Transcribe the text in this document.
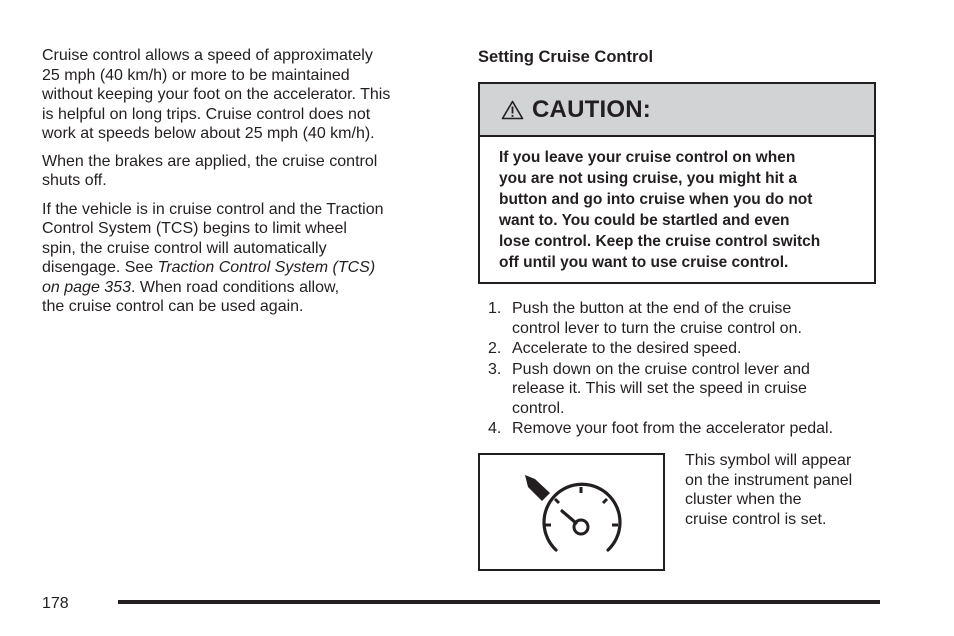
Cruise control allows a speed of approximately
25 mph (40 km/h) or more to be maintained
without keeping your foot on the accelerator. This
is helpful on long trips. Cruise control does not
work at speeds below about 25 mph (40 km/h).

When the brakes are applied, the cruise control
shuts off.

If the vehicle is in cruise control and the Traction
Control System (TCS) begins to limit wheel
spin, the cruise control will automatically
disengage. See Traction Control System (TCS)
on page 353. When road conditions allow,
the cruise control can be used again.

Setting Cruise Control
CAUTION:
If you leave your cruise control on when
you are not using cruise, you might hit a
button and go into cruise when you do not
want to. You could be startled and even
lose control. Keep the cruise control switch
off until you want to use cruise control.
1. Push the button at the end of the cruise
control lever to turn the cruise control on.
2. Accelerate to the desired speed.
3. Push down on the cruise control lever and
release it. This will set the speed in cruise
control.
4. Remove your foot from the accelerator pedal.
This symbol will appear
on the instrument panel
cluster when the
cruise control is set.
178
